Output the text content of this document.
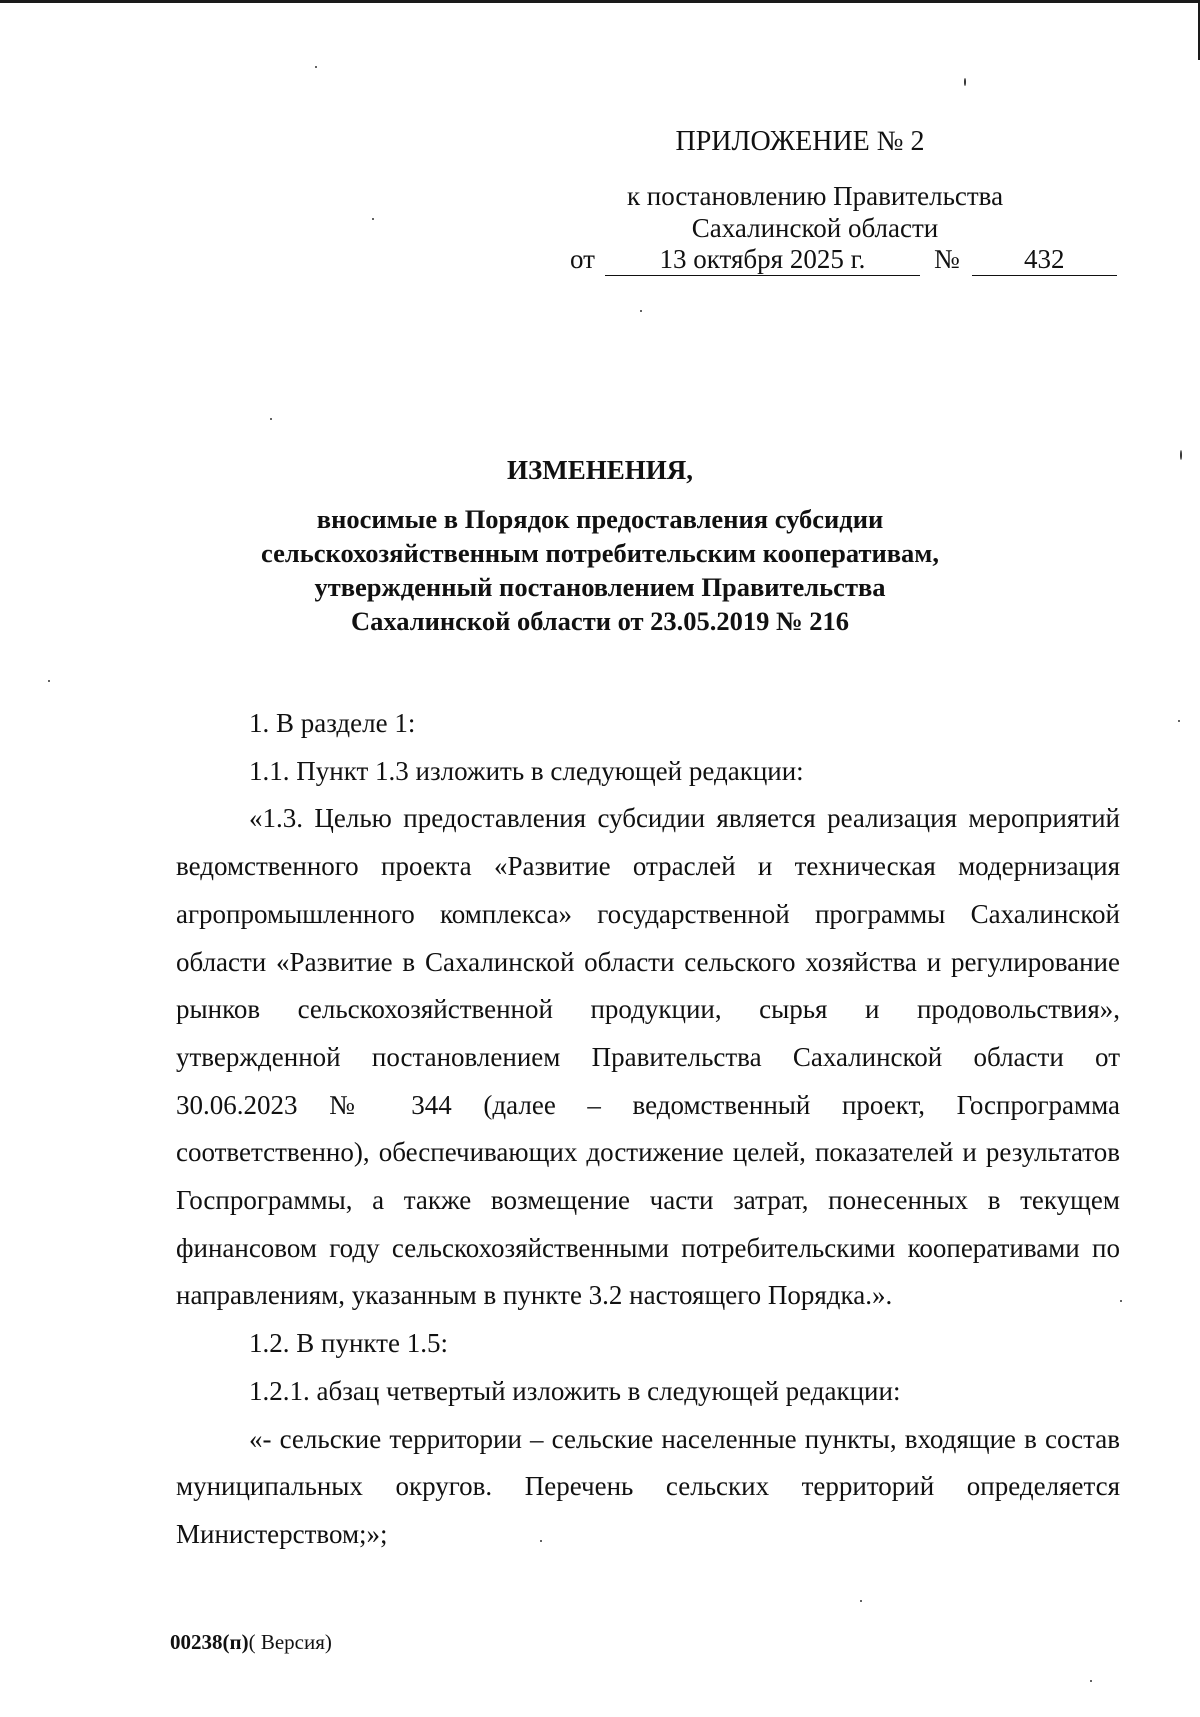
ПРИЛОЖЕНИЕ № 2
к постановлению Правительства
Сахалинской области
от 13 октября 2025 г.	№ 432
ИЗМЕНЕНИЯ,
вносимые в Порядок предоставления субсидии
сельскохозяйственным потребительским кооперативам,
утвержденный постановлением Правительства
Сахалинской области от 23.05.2019 № 216

1. В разделе 1:

1.1. Пункт 1.3 изложить в следующей редакции:

«1.3. Целью предоставления субсидии является реализация мероприятий ведомственного проекта «Развитие отраслей и техническая модернизация агропромышленного комплекса» государственной программы Сахалинской области «Развитие в Сахалинской области сельского хозяйства и регулирование рынков сельскохозяйственной продукции, сырья и продовольствия», утвержденной постановлением Правительства Сахалинской области от 30.06.2023 № 344 (далее – ведомственный проект, Госпрограмма соответственно), обеспечивающих достижение целей, показателей и результатов Госпрограммы, а также возмещение части затрат, понесенных в текущем финансовом году сельскохозяйственными потребительскими кооперативами по направлениям, указанным в пункте 3.2 настоящего Порядка.».

1.2. В пункте 1.5:

1.2.1. абзац четвертый изложить в следующей редакции:

«- сельские территории – сельские населенные пункты, входящие в состав муниципальных округов. Перечень сельских территорий определяется Министерством;»;

00238(п)( Версия)
